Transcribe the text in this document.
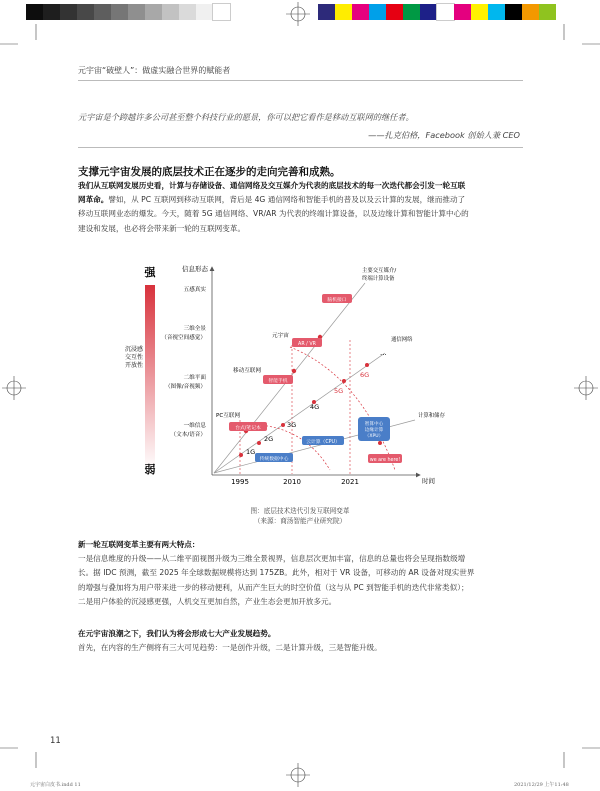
元宇宙“破壁人”：做虚实融合世界的赋能者
元宇宙是个跨越许多公司甚至整个科技行业的愿景，你可以把它看作是移动互联网的继任者。
——扎克伯格，Facebook 创始人兼 CEO
支撑元宇宙发展的底层技术正在逐步的走向完善和成熟。
我们从互联网发展历史看，计算与存储设备、通信网络及交互媒介为代表的底层技术的每一次迭代都会引发一轮互联
网革命。譬如，从 PC 互联网到移动互联网，背后是 4G 通信网络和智能手机的普及以及云计算的发展，继而推动了
移动互联网业态的爆发。今天，随着 5G 通信网络、VR/AR 为代表的终端计算设备，以及边缘计算和智能计算中心的
建设和发展，也必将会带来新一轮的互联网变革。
强
弱
沉浸感
交互性
开放性
信息形态
时间
1995	2010	2021
五感真实
三维全景
（音视空间感觉）
二维平面
（图像/音视频）
一维信息
（文本/语音）
PC互联网
移动互联网
元宇宙
主要交互媒介/
终端计算设备
通信网络
...
计算和储存
1G
2G
3G
4G
5G
6G
台式/笔记本
智能手机
AR / VR
脑机接口
传统数据中心
云计算（CPU）
智算中心
边缘计算
（XPU）
we are here!
图：底层技术迭代引发互联网变革
（来源：商汤智能产业研究院）
新一轮互联网变革主要有两大特点：
一是信息维度的升级——从二维平面视图升级为三维全景视界，信息层次更加丰富，信息的总量也将会呈现指数级增
长。据 IDC 预测，截至 2025 年全球数据规模将达到 175ZB。此外，相对于 VR 设备，可移动的 AR 设备对现实世界
的增强与叠加将为用户带来进一步的移动便利，从而产生巨大的时空价值（这与从 PC 到智能手机的迭代非常类似）；
二是用户体验的沉浸感更强，人机交互更加自然，产业生态会更加开放多元。
在元宇宙浪潮之下，我们认为将会形成七大产业发展趋势。
首先，在内容的生产侧将有三大可见趋势：一是创作升级，二是计算升级，三是智能升级。
11
元宇宙白皮书.indd 11	2021/12/29 上午11:48
